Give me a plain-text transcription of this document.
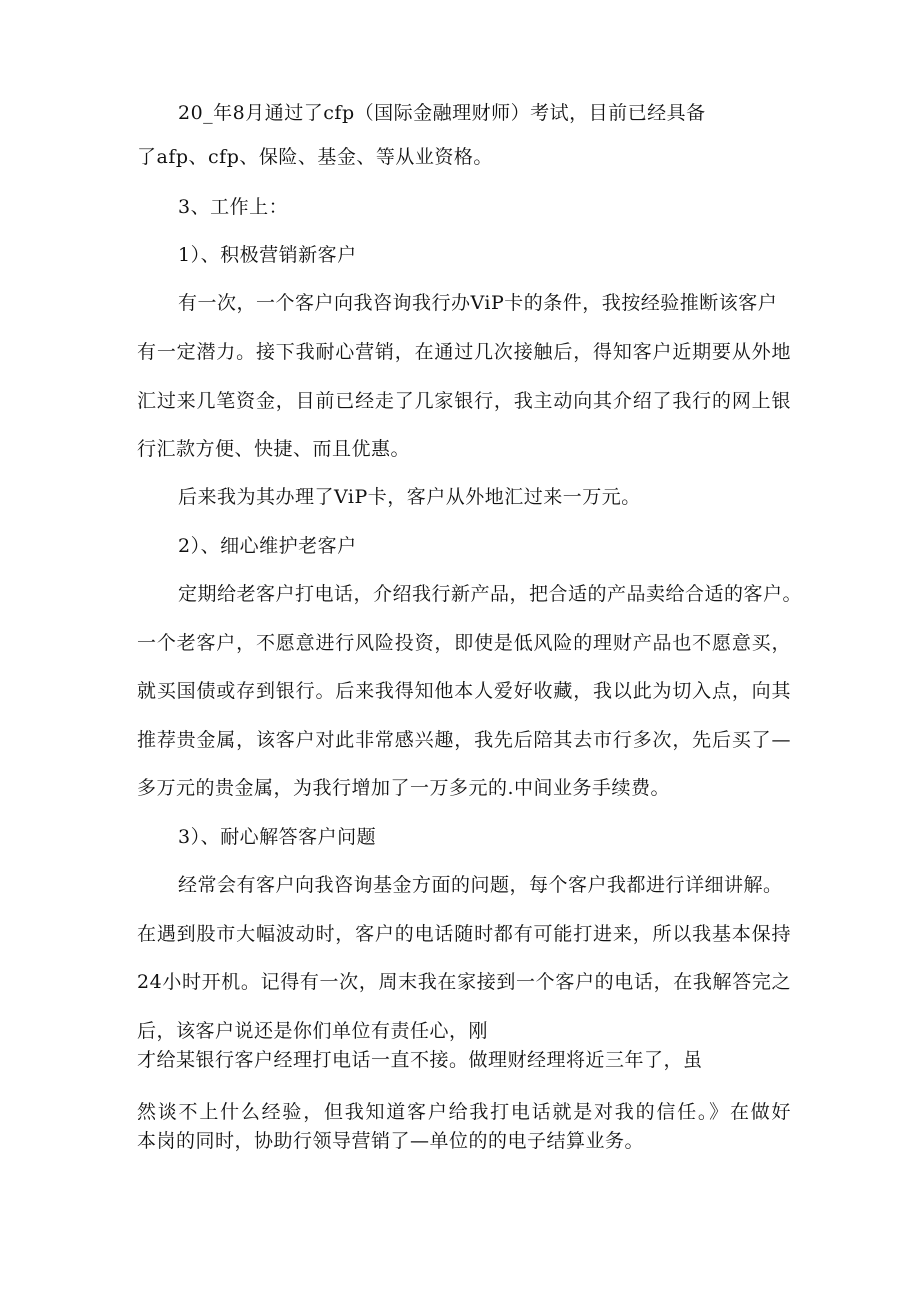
20_年8月通过了cfp（国际金融理财师）考试，目前已经具备

了afp、cfp、保险、基金、等从业资格。

3、工作上：

1）、积极营销新客户

有一次，一个客户向我咨询我行办ViP卡的条件，我按经验推断该客户

有一定潜力。接下我耐心营销，在通过几次接触后，得知客户近期要从外地

汇过来几笔资金，目前已经走了几家银行，我主动向其介绍了我行的网上银

行汇款方便、快捷、而且优惠。

后来我为其办理了ViP卡，客户从外地汇过来一万元。

2）、细心维护老客户

定期给老客户打电话，介绍我行新产品，把合适的产品卖给合适的客户。

一个老客户，不愿意进行风险投资，即使是低风险的理财产品也不愿意买，

就买国债或存到银行。后来我得知他本人爱好收藏，我以此为切入点，向其

推荐贵金属，该客户对此非常感兴趣，我先后陪其去市行多次，先后买了—

多万元的贵金属，为我行增加了一万多元的.中间业务手续费。

3）、耐心解答客户问题

经常会有客户向我咨询基金方面的问题，每个客户我都进行详细讲解。

在遇到股市大幅波动时，客户的电话随时都有可能打进来，所以我基本保持

24小时开机。记得有一次，周末我在家接到一个客户的电话，在我解答完之

后，该客户说还是你们单位有责任心，刚

才给某银行客户经理打电话一直不接。做理财经理将近三年了，虽

然谈不上什么经验，但我知道客户给我打电话就是对我的信任。》在做好

本岗的同时，协助行领导营销了—单位的的电子结算业务。
